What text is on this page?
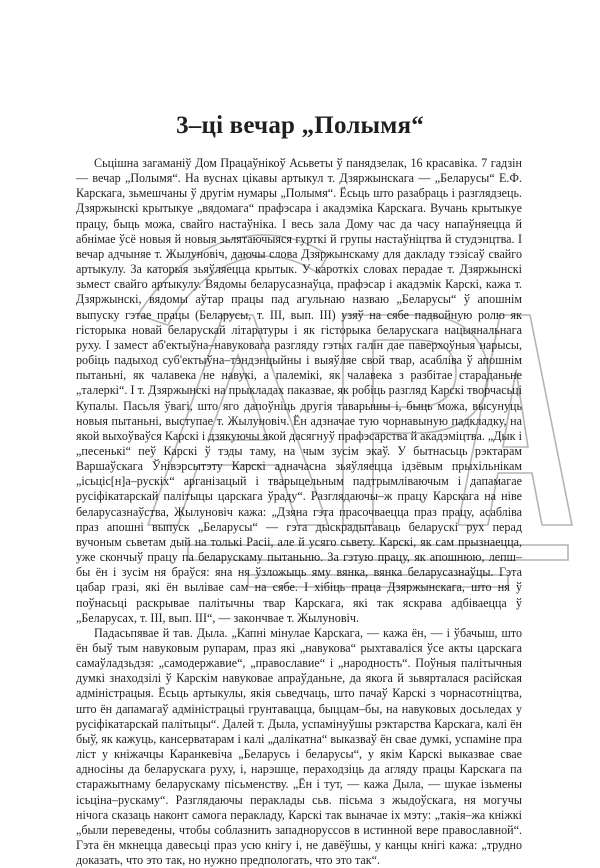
3–ці вечар „Полымя“

Сьцішна загаманіў Дом Працаўнікоў Асьветы ў панядзелак, 16 красавіка. 7 гадзін — вечар „Полымя“. На вуснах цікавы артыкул т. Дзяржынскага — „Беларусы“ Е.Ф. Карскага, зьмешчаны ў другім нумары „Полымя“. Ёсьць што разабраць і разглядзець. Дзяржынскі крытыкуе „вядомага“ прафэсара і акадэміка Карскага. Вучань крытыкуе працу, быць можа, свайго настаўніка. І весь зала Дому час да часу напаўняецца й абнімае ўсё новыя й новыя зьлятаючыяся гурткі й групы настаўніцтва й студэнцтва. І вечар адчыняе т. Жылуновіч, даючы слова Дзяржынскаму для дакладу тэзісаў свайго артыкулу. За каторыя зьяўляецца крытык. У кароткіх словах перадае т. Дзяржынскі зьмест свайго артыкулу. Вядомы беларусазнаўца, прафэсар і акадэмік Карскі, кажа т. Дзяржынскі, вядомы аўтар працы пад агульнаю назваю „Беларусы“ ў апошнім выпуску гэтае працы (Беларусы, т. III, вып. III) узяў на сябе падвойную ролю як гісторыка новай беларускай літаратуры і як гісторыка беларускага нацыянальнага руху. І замест аб'ектыўна–навуковага разгляду гэтых галін дае паверхоўныя нарысы, робіць падыход суб'ектыўна–тэндэнцыйны і выяўляе свой твар, асабліва ў апошнім пытаньні, як чалавека не навукі, а палемікі, як чалавека з разбітае стараданьне „талеркі“. І т. Дзяржынскі на прыкладах паказвае, як робіць разгляд Карскі творчасьці Купалы. Пасьля ўвагі, што яго дапоўніць другія таварышы і, быць можа, высунуць новыя пытаньні, выступае т. Жылуновіч. Ён адзначае тую чорнавыную падкладку, на якой выхоўваўся Карскі і дзякуючы якой дасягнуў прафэсарства й акадэміцтва. „Дык і „песенькі“ пеў Карскі ў тэды таму, на чым зусім экаў. У бытнасьць рэктарам Варшаўскага Ўнівэрсытэту Карскі адначасна зьяўляецца ідзёвым прыхільнікам „ісьціс[н]а–рускіх“ арганізацый і тварыцельным падтрымліваючым і дапамагае русіфікатарскай палітыцы царскага ўраду“. Разглядаючы–ж працу Карскага на ніве беларусазнаўства, Жылуновіч кажа: „Дзяна гэта прасочваецца праз працу, асабліва праз апошні выпуск „Беларусы“ — гэта дыскрадытаваць беларускі рух перад вучоным сьветам дый на толькі Расіі, але й усяго сьвету. Карскі, як сам прызнаецца, уже скончыў працу па беларускаму пытаньню. За гэтую працу, як апошнюю, лепш–бы ён і зусім ня браўся: яна ня ўзложыць яму вянка, вянка беларусазнаўцы. Гэта цабар гразі, які ён выліваe сам на сябе. І хібіць праца Дзяржынскага, што ня ў поўнасьці раскрывае палітычны твар Карскага, які так яскрава адбіваецца ў „Беларусах, т. III, вып. III“, — закончвае т. Жылуновіч.

Падасьпявае й тав. Дыла. „Капні мінулае Карскага, — кажа ён, — і ўбачыш, што ён быў тым навуковым рупарам, праз які „навукова“ рыхтаваліся ўсе акты царскага самаўладзьдзя: „самодержавие“, „православие“ і „народность“. Поўныя палітычныя думкі знаходзілі ў Карскім навуковае апраўданьне, да якога й зьвярталася расійская адміністрацыя. Ёсьць артыкулы, якія сьведчаць, што пачаў Карскі з чорнасотніцтва, што ён дапамагаў адміністрацыі грунтавацца, быццам–бы, на навуковых досьледах у русіфікатарскай палітыцы“. Далей т. Дыла, успамінуўшы рэктарства Карскага, калі ён быў, як кажуць, кансерватарам і калі „далікатна“ выказваў ён свае думкі, успаміне пра ліст у кніжачцы Каранкевіча „Беларусь і беларусы“, у якім Карскі выказвае свае адносіны да беларускага руху, і, нарэшце, пераходзіць да агляду працы Карскага па старажытнаму беларускаму пісьменству. „Ён і тут, — кажа Дыла, — шукае ізьмены ісьціна–рускаму“. Разглядаючы пераклады сьв. пісьма з жыдоўскага, ня могучы нічога сказаць наконт самога перакладу, Карскі так выначае іх мэту: „такія–жа кніжкі „были переведены, чтобы соблазнить западноруссов в истинной вере православной“. Гэта ён мкнецца давесьці праз усю кнігу і, не давёўшы, у канцы кнігі кажа: „трудно доказать, что это так, но нужно предпологать, что это так“.
